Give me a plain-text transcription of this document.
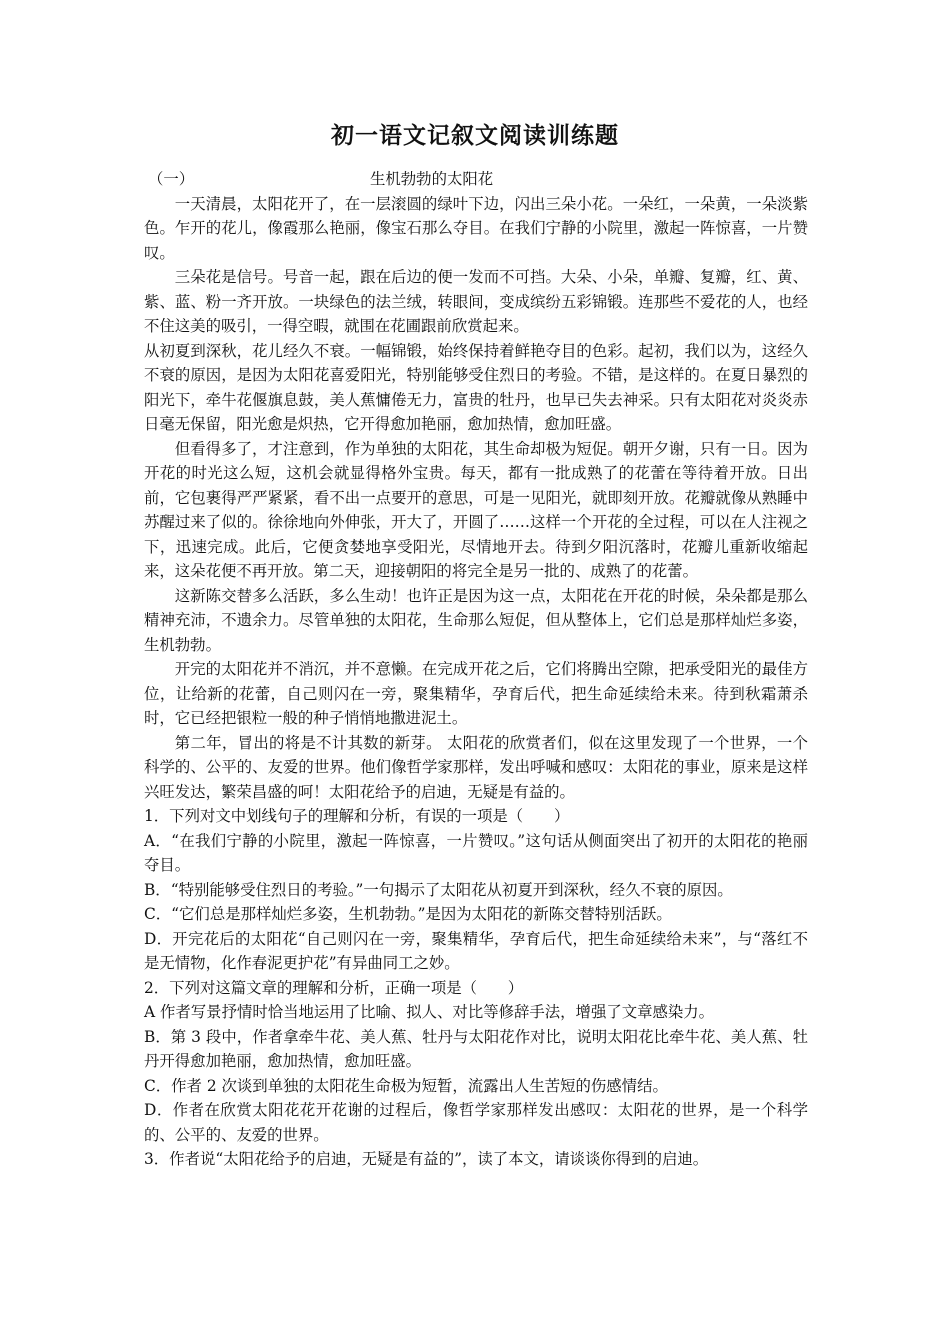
初一语文记叙文阅读训练题
（一）	生机勃勃的太阳花

一天清晨，太阳花开了，在一层滚圆的绿叶下边，闪出三朵小花。一朵红，一朵黄，一朵淡紫色。乍开的花儿，像霞那么艳丽，像宝石那么夺目。在我们宁静的小院里，激起一阵惊喜，一片赞叹。

三朵花是信号。号音一起，跟在后边的便一发而不可挡。大朵、小朵，单瓣、复瓣，红、黄、紫、蓝、粉一齐开放。一块绿色的法兰绒，转眼间，变成缤纷五彩锦锻。连那些不爱花的人，也经不住这美的吸引，一得空暇，就围在花圃跟前欣赏起来。

从初夏到深秋，花儿经久不衰。一幅锦锻，始终保持着鲜艳夺目的色彩。起初，我们以为，这经久不衰的原因，是因为太阳花喜爱阳光，特别能够受住烈日的考验。不错，是这样的。在夏日暴烈的阳光下，牵牛花偃旗息鼓，美人蕉慵倦无力，富贵的牡丹，也早已失去神采。只有太阳花对炎炎赤日毫无保留，阳光愈是炽热，它开得愈加艳丽，愈加热情，愈加旺盛。

但看得多了，才注意到，作为单独的太阳花，其生命却极为短促。朝开夕谢，只有一日。因为开花的时光这么短，这机会就显得格外宝贵。每天，都有一批成熟了的花蕾在等待着开放。日出前，它包裹得严严紧紧，看不出一点要开的意思，可是一见阳光，就即刻开放。花瓣就像从熟睡中苏醒过来了似的。徐徐地向外伸张，开大了，开圆了……这样一个开花的全过程，可以在人注视之下，迅速完成。此后，它便贪婪地享受阳光，尽情地开去。待到夕阳沉落时，花瓣儿重新收缩起来，这朵花便不再开放。第二天，迎接朝阳的将完全是另一批的、成熟了的花蕾。

这新陈交替多么活跃，多么生动！也许正是因为这一点，太阳花在开花的时候，朵朵都是那么精神充沛，不遗余力。尽管单独的太阳花，生命那么短促，但从整体上，它们总是那样灿烂多姿，生机勃勃。

开完的太阳花并不消沉，并不意懒。在完成开花之后，它们将腾出空隙，把承受阳光的最佳方位，让给新的花蕾，自己则闪在一旁，聚集精华，孕育后代，把生命延续给未来。待到秋霜萧杀时，它已经把银粒一般的种子悄悄地撒进泥土。

第二年，冒出的将是不计其数的新芽。 太阳花的欣赏者们，似在这里发现了一个世界，一个科学的、公平的、友爱的世界。他们像哲学家那样，发出呼喊和感叹：太阳花的事业，原来是这样兴旺发达，繁荣昌盛的呵！太阳花给予的启迪，无疑是有益的。

1．下列对文中划线句子的理解和分析，有误的一项是（　　）

A．“在我们宁静的小院里，激起一阵惊喜，一片赞叹。”这句话从侧面突出了初开的太阳花的艳丽夺目。

B．“特别能够受住烈日的考验。”一句揭示了太阳花从初夏开到深秋，经久不衰的原因。

C．“它们总是那样灿烂多姿，生机勃勃。”是因为太阳花的新陈交替特别活跃。

D．开完花后的太阳花“自己则闪在一旁，聚集精华，孕育后代，把生命延续给未来”，与“落红不是无情物，化作春泥更护花”有异曲同工之妙。

2．下列对这篇文章的理解和分析，正确一项是（　　）

A 作者写景抒情时恰当地运用了比喻、拟人、对比等修辞手法，增强了文章感染力。

B．第 3 段中，作者拿牵牛花、美人蕉、牡丹与太阳花作对比，说明太阳花比牵牛花、美人蕉、牡丹开得愈加艳丽，愈加热情，愈加旺盛。

C．作者 2 次谈到单独的太阳花生命极为短暂，流露出人生苦短的伤感情结。

D．作者在欣赏太阳花花开花谢的过程后，像哲学家那样发出感叹：太阳花的世界，是一个科学的、公平的、友爱的世界。

3．作者说“太阳花给予的启迪，无疑是有益的”，读了本文，请谈谈你得到的启迪。
